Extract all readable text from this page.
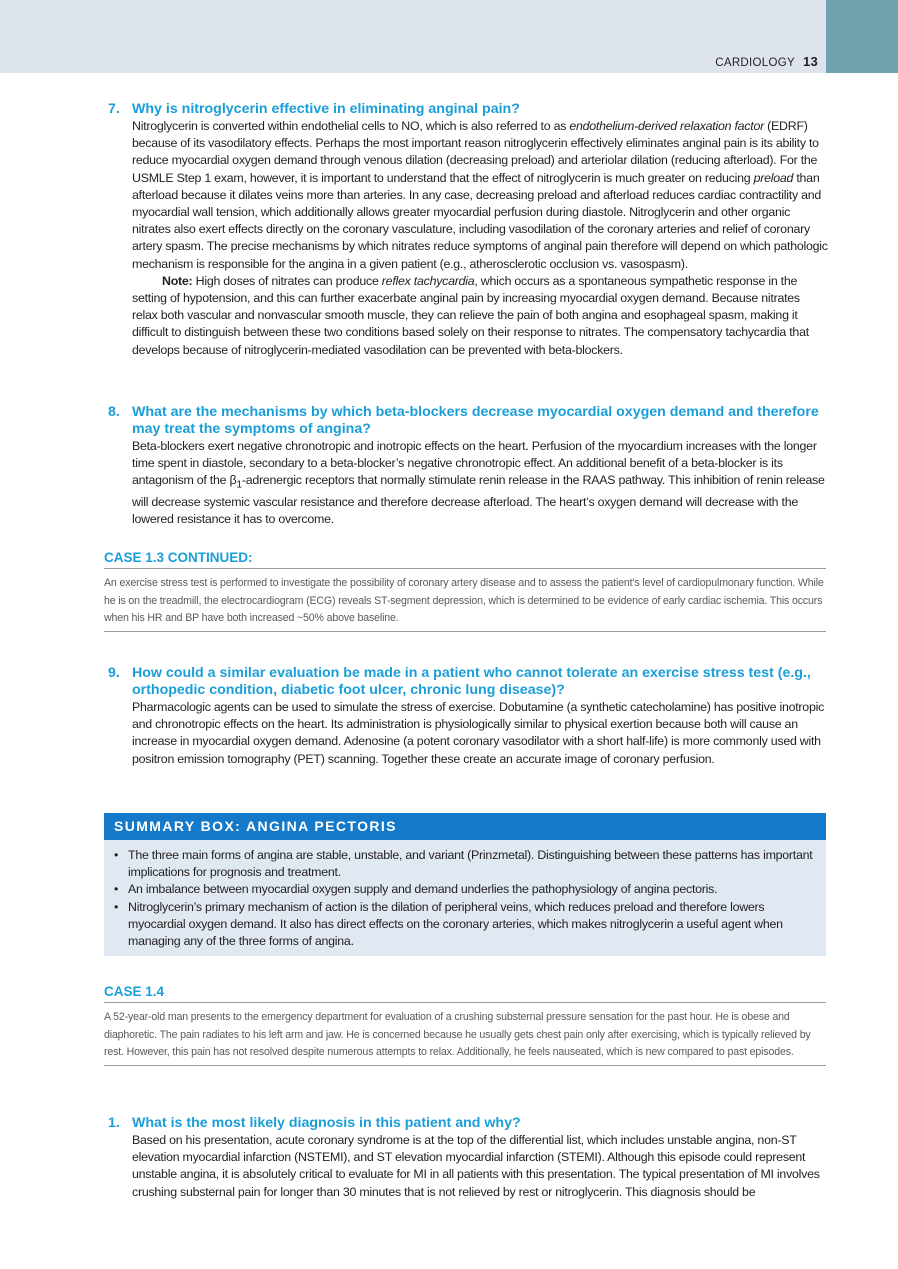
CARDIOLOGY 13
7. Why is nitroglycerin effective in eliminating anginal pain?

Nitroglycerin is converted within endothelial cells to NO, which is also referred to as endothelium-derived relaxation factor (EDRF) because of its vasodilatory effects. Perhaps the most important reason nitroglycerin effectively eliminates anginal pain is its ability to reduce myocardial oxygen demand through venous dilation (decreasing preload) and arteriolar dilation (reducing afterload). For the USMLE Step 1 exam, however, it is important to understand that the effect of nitroglycerin is much greater on reducing preload than afterload because it dilates veins more than arteries. In any case, decreasing preload and afterload reduces cardiac contractility and myocardial wall tension, which additionally allows greater myocardial perfusion during diastole. Nitroglycerin and other organic nitrates also exert effects directly on the coronary vasculature, including vasodilation of the coronary arteries and relief of coronary artery spasm. The precise mechanisms by which nitrates reduce symptoms of anginal pain therefore will depend on which pathologic mechanism is responsible for the angina in a given patient (e.g., atherosclerotic occlusion vs. vasospasm).

Note: High doses of nitrates can produce reflex tachycardia, which occurs as a spontaneous sympathetic response in the setting of hypotension, and this can further exacerbate anginal pain by increasing myocardial oxygen demand. Because nitrates relax both vascular and nonvascular smooth muscle, they can relieve the pain of both angina and esophageal spasm, making it difficult to distinguish between these two conditions based solely on their response to nitrates. The compensatory tachycardia that develops because of nitroglycerin-mediated vasodilation can be prevented with beta-blockers.

8. What are the mechanisms by which beta-blockers decrease myocardial oxygen demand and therefore may treat the symptoms of angina?

Beta-blockers exert negative chronotropic and inotropic effects on the heart. Perfusion of the myocardium increases with the longer time spent in diastole, secondary to a beta-blocker’s negative chronotropic effect. An additional benefit of a beta-blocker is its antagonism of the $\beta_1$-adrenergic receptors that normally stimulate renin release in the RAAS pathway. This inhibition of renin release will decrease systemic vascular resistance and therefore decrease afterload. The heart’s oxygen demand will decrease with the lowered resistance it has to overcome.

CASE 1.3 CONTINUED:
An exercise stress test is performed to investigate the possibility of coronary artery disease and to assess the patient’s level of cardiopulmonary function. While he is on the treadmill, the electrocardiogram (ECG) reveals ST-segment depression, which is determined to be evidence of early cardiac ischemia. This occurs when his HR and BP have both increased ~50% above baseline.
9. How could a similar evaluation be made in a patient who cannot tolerate an exercise stress test (e.g., orthopedic condition, diabetic foot ulcer, chronic lung disease)?

Pharmacologic agents can be used to simulate the stress of exercise. Dobutamine (a synthetic catecholamine) has positive inotropic and chronotropic effects on the heart. Its administration is physiologically similar to physical exertion because both will cause an increase in myocardial oxygen demand. Adenosine (a potent coronary vasodilator with a short half-life) is more commonly used with positron emission tomography (PET) scanning. Together these create an accurate image of coronary perfusion.

SUMMARY BOX: ANGINA PECTORIS
• The three main forms of angina are stable, unstable, and variant (Prinzmetal). Distinguishing between these patterns has important implications for prognosis and treatment.
• An imbalance between myocardial oxygen supply and demand underlies the pathophysiology of angina pectoris.
• Nitroglycerin’s primary mechanism of action is the dilation of peripheral veins, which reduces preload and therefore lowers myocardial oxygen demand. It also has direct effects on the coronary arteries, which makes nitroglycerin a useful agent when managing any of the three forms of angina.
CASE 1.4
A 52-year-old man presents to the emergency department for evaluation of a crushing substernal pressure sensation for the past hour. He is obese and diaphoretic. The pain radiates to his left arm and jaw. He is concerned because he usually gets chest pain only after exercising, which is typically relieved by rest. However, this pain has not resolved despite numerous attempts to relax. Additionally, he feels nauseated, which is new compared to past episodes.
1. What is the most likely diagnosis in this patient and why?

Based on his presentation, acute coronary syndrome is at the top of the differential list, which includes unstable angina, non-ST elevation myocardial infarction (NSTEMI), and ST elevation myocardial infarction (STEMI). Although this episode could represent unstable angina, it is absolutely critical to evaluate for MI in all patients with this presentation. The typical presentation of MI involves crushing substernal pain for longer than 30 minutes that is not relieved by rest or nitroglycerin. This diagnosis should be
